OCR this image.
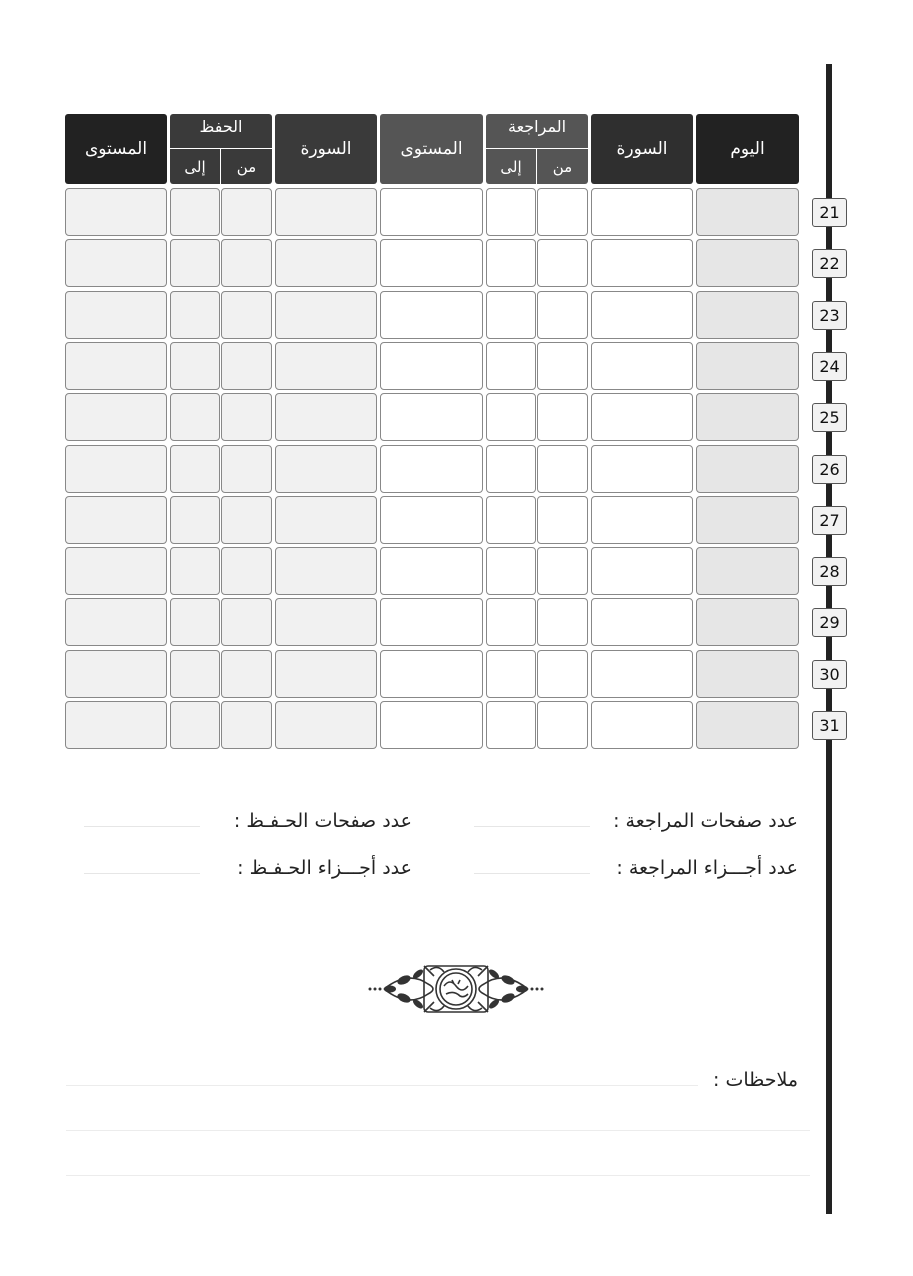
اليوم
السورة
المراجعة
من
إلى
المستوى
السورة
الحفظ
من
إلى
المستوى
21
22
23
24
25
26
27
28
29
30
31
عدد صفحات المراجعة :
عدد صفحات الحـفـظ :
عدد أجـــزاء المراجعة :
عدد أجـــزاء الحـفـظ :
ملاحظات :
